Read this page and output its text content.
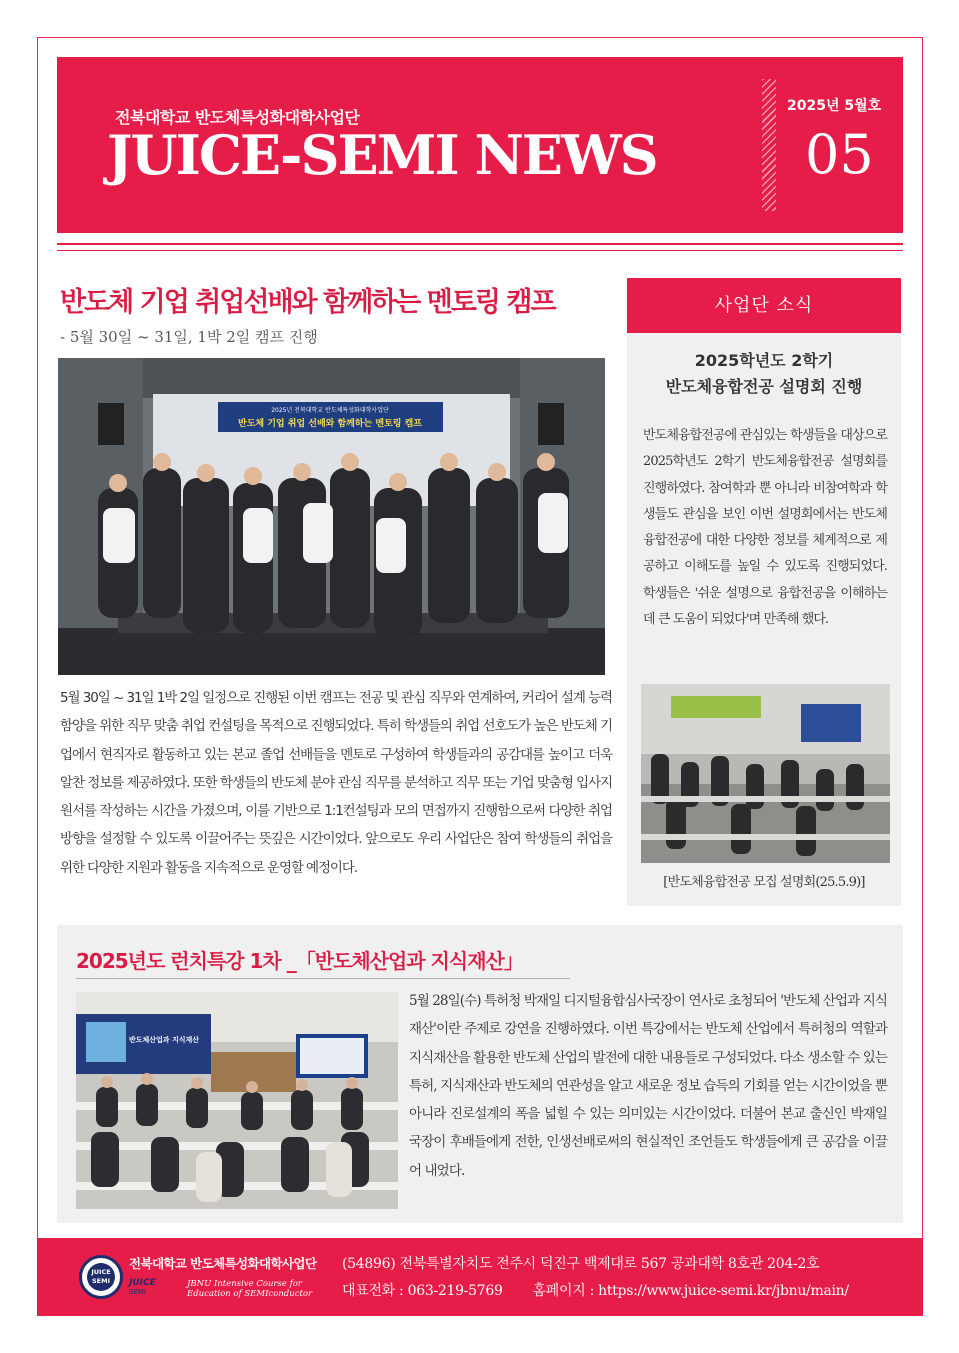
전북대학교 반도체특성화대학사업단
JUICE-SEMI NEWS
2025년 5월호
05
반도체 기업 취업선배와 함께하는 멘토링 캠프
- 5월 30일 ~ 31일, 1박 2일 캠프 진행
2025년 전북대학교 반도체특성화대학사업단
반도체 기업 취업 선배와 함께하는 멘토링 캠프
5월 30일 ~ 31일 1박 2일 일정으로 진행된 이번 캠프는 전공 및 관심 직무와 연계하여, 커리어 설계 능력 함양을 위한 직무 맞춤 취업 컨설팅을 목적으로 진행되었다. 특히 학생들의 취업 선호도가 높은 반도체 기업에서 현직자로 활동하고 있는 본교 졸업 선배들을 멘토로 구성하여 학생들과의 공감대를 높이고 더욱 알찬 정보를 제공하였다. 또한 학생들의 반도체 분야 관심 직무를 분석하고 직무 또는 기업 맞춤형 입사지원서를 작성하는 시간을 가졌으며, 이를 기반으로 1:1컨설팅과 모의 면접까지 진행함으로써 다양한 취업 방향을 설정할 수 있도록 이끌어주는 뜻깊은 시간이었다. 앞으로도 우리 사업단은 참여 학생들의 취업을 위한 다양한 지원과 활동을 지속적으로 운영할 예정이다.
사업단 소식
2025학년도 2학기
반도체융합전공 설명회 진행
반도체융합전공에 관심있는 학생들을 대상으로 2025학년도 2학기 반도체융합전공 설명회를 진행하였다. 참여학과 뿐 아니라 비참여학과 학생들도 관심을 보인 이번 설명회에서는 반도체융합전공에 대한 다양한 정보를 체계적으로 제공하고 이해도를 높일 수 있도록 진행되었다. 학생들은 '쉬운 설명으로 융합전공을 이해하는데 큰 도움이 되었다'며 만족해 했다.
[반도체융합전공 모집 설명회(25.5.9)]
2025년도 런치특강 1차 _「반도체산업과 지식재산」
5월 28일(수) 특허청 박재일 디지털융합심사국장이 연사로 초청되어 '반도체 산업과 지식재산'이란 주제로 강연을 진행하였다. 이번 특강에서는 반도체 산업에서 특허청의 역할과 지식재산을 활용한 반도체 산업의 발전에 대한 내용들로 구성되었다. 다소 생소할 수 있는 특허, 지식재산과 반도체의 연관성을 알고 새로운 정보 습득의 기회를 얻는 시간이었을 뿐 아니라 진로설계의 폭을 넓힐 수 있는 의미있는 시간이었다. 더불어 본교 출신인 박재일 국장이 후배들에게 전한, 인생선배로써의 현실적인 조언들도 학생들에게 큰 공감을 이끌어 내었다.
반도체산업과 지식재산
JUICE SEMI
전북대학교 반도체특성화대학사업단
JUICE
SEMI
JBNU Intensive Course for
Education of SEMIconductor
(54896) 전북특별자치도 전주시 덕진구 백제대로 567 공과대학 8호관 204-2호
대표전화 : 063-219-5769 홈페이지 : https://www.juice-semi.kr/jbnu/main/
